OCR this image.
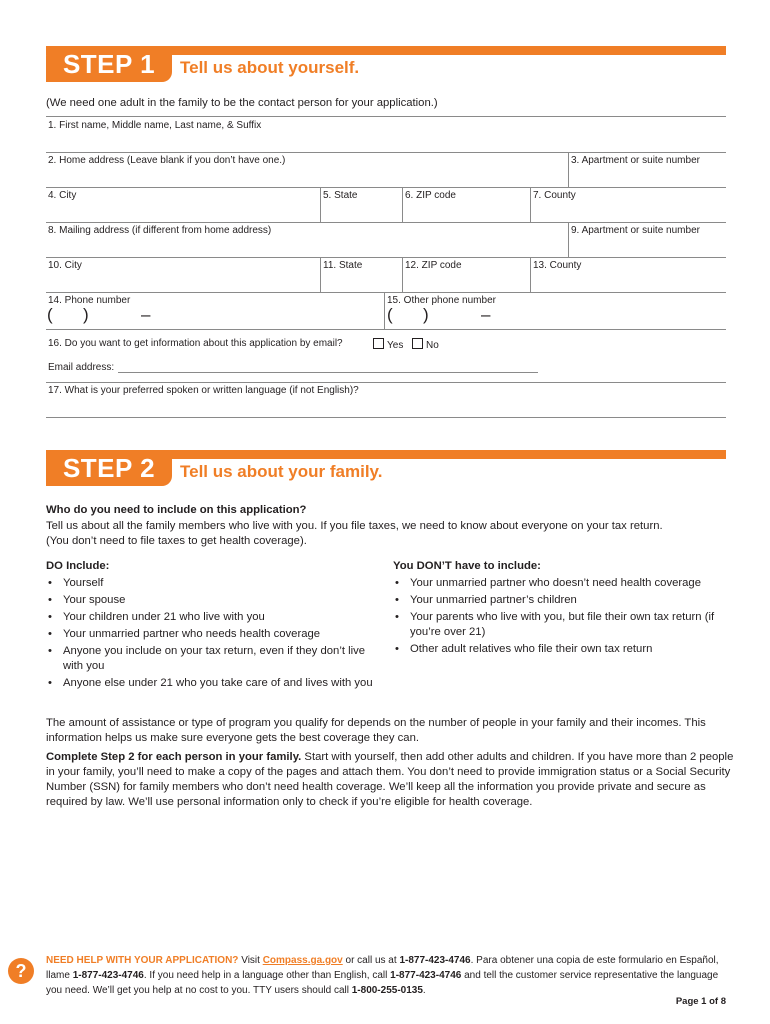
STEP 1	Tell us about yourself.
(We need one adult in the family to be the contact person for your application.)
1. First name, Middle name, Last name, & Suffix
2. Home address (Leave blank if you don’t have one.)	3. Apartment or suite number
4. City	5. State	6. ZIP code	7. County
8. Mailing address (if different from home address)	9. Apartment or suite number
10. City	11. State	12. ZIP code	13. County
14. Phone number	15. Other phone number
( )	–	( )	–
16. Do you want to get information about this application by email?	Yes	No
Email address:
17. What is your preferred spoken or written language (if not English)?
STEP 2	Tell us about your family.
Who do you need to include on this application?
Tell us about all the family members who live with you. If you file taxes, we need to know about everyone on your tax return.
(You don’t need to file taxes to get health coverage).
DO Include:
• Yourself
• Your spouse
• Your children under 21 who live with you
• Your unmarried partner who needs health coverage
• Anyone you include on your tax return, even if they don’t live with you
• Anyone else under 21 who you take care of and lives with you
You DON’T have to include:
• Your unmarried partner who doesn’t need health coverage
• Your unmarried partner’s children
• Your parents who live with you, but file their own tax return (if you’re over 21)
• Other adult relatives who file their own tax return
The amount of assistance or type of program you qualify for depends on the number of people in your family and their incomes. This information helps us make sure everyone gets the best coverage they can.
Complete Step 2 for each person in your family. Start with yourself, then add other adults and children. If you have more than 2 people in your family, you’ll need to make a copy of the pages and attach them. You don’t need to provide immigration status or a Social Security Number (SSN) for family members who don’t need health coverage. We’ll keep all the information you provide private and secure as required by law. We’ll use personal information only to check if you’re eligible for health coverage.
?
NEED HELP WITH YOUR APPLICATION? Visit Compass.ga.gov or call us at 1-877-423-4746. Para obtener una copia de este formulario en Español, llame 1-877-423-4746. If you need help in a language other than English, call 1-877-423-4746 and tell the customer service representative the language you need. We’ll get you help at no cost to you. TTY users should call 1-800-255-0135.
Page 1 of 8
